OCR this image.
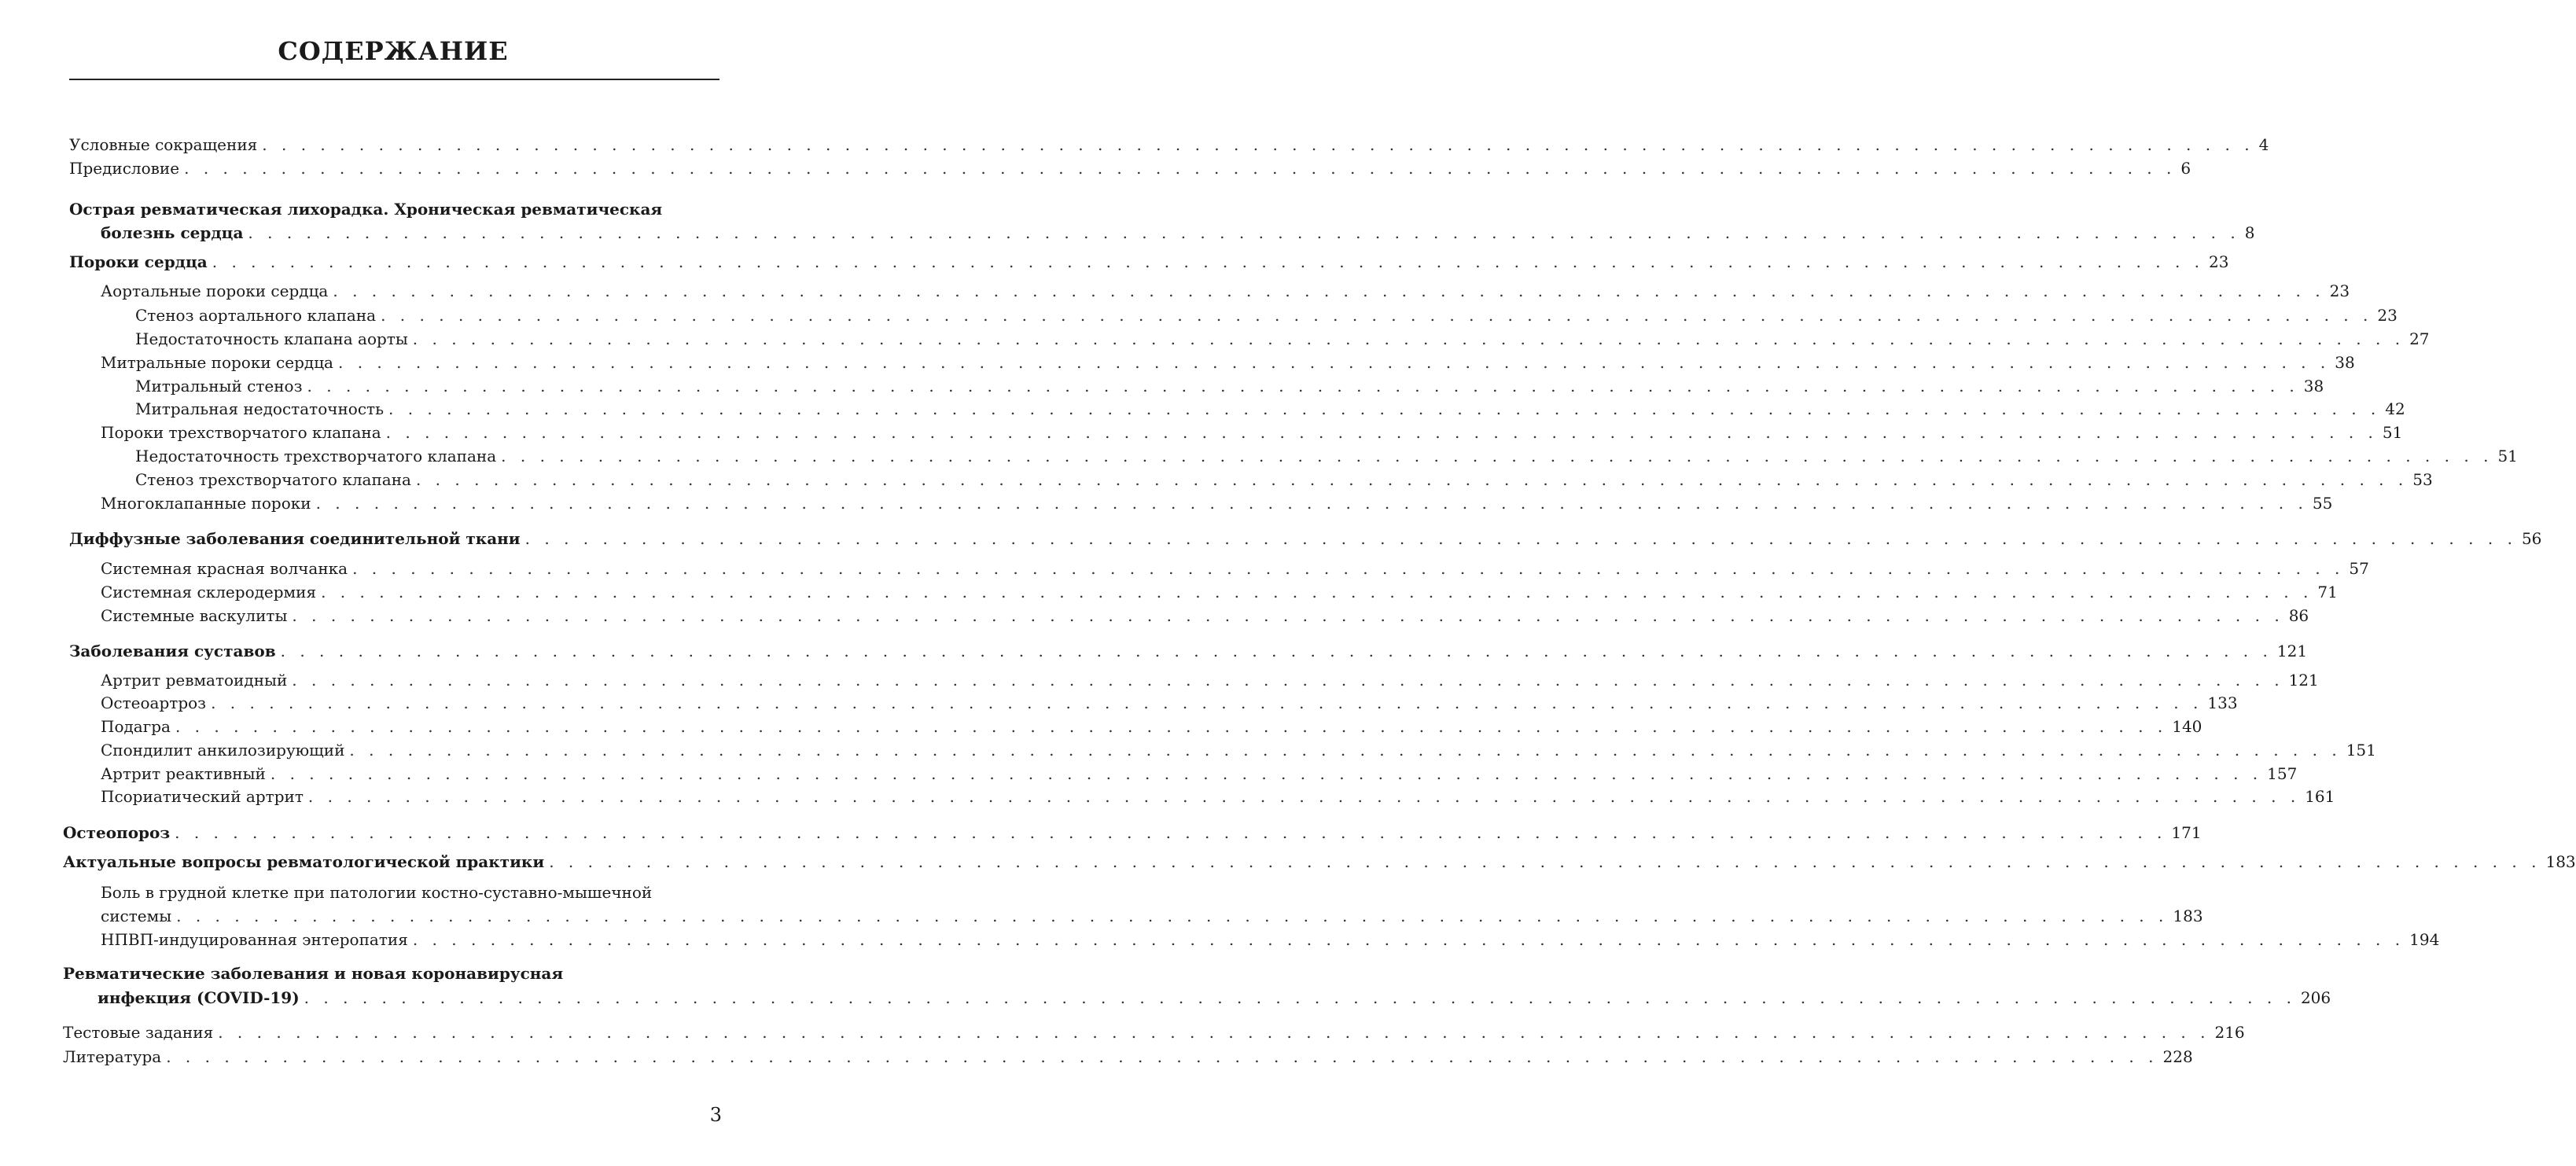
СОДЕРЖАНИЕ
Условные сокращения . . . . . . . . . . . . . . . . . . . . . . . . . . . . . . . . . . . . . . . . . . . . . . . . . . . . . . . . . . . . . . . . . . . . . . . . . . . . . . . . . . . . . . . . . . . . . . . . . . . . . . . 4
Предисловие . . . . . . . . . . . . . . . . . . . . . . . . . . . . . . . . . . . . . . . . . . . . . . . . . . . . . . . . . . . . . . . . . . . . . . . . . . . . . . . . . . . . . . . . . . . . . . . . . . . . . . . 6
Острая ревматическая лихорадка. Хроническая ревматическая
болезнь сердца . . . . . . . . . . . . . . . . . . . . . . . . . . . . . . . . . . . . . . . . . . . . . . . . . . . . . . . . . . . . . . . . . . . . . . . . . . . . . . . . . . . . . . . . . . . . . . . . . . . . . . . 8
Пороки сердца . . . . . . . . . . . . . . . . . . . . . . . . . . . . . . . . . . . . . . . . . . . . . . . . . . . . . . . . . . . . . . . . . . . . . . . . . . . . . . . . . . . . . . . . . . . . . . . . . . . . . . . 23
Аортальные пороки сердца . . . . . . . . . . . . . . . . . . . . . . . . . . . . . . . . . . . . . . . . . . . . . . . . . . . . . . . . . . . . . . . . . . . . . . . . . . . . . . . . . . . . . . . . . . . . . . . . . . . . . . . 23
Стеноз аортального клапана . . . . . . . . . . . . . . . . . . . . . . . . . . . . . . . . . . . . . . . . . . . . . . . . . . . . . . . . . . . . . . . . . . . . . . . . . . . . . . . . . . . . . . . . . . . . . . . . . . . . . . . 23
Недостаточность клапана аорты . . . . . . . . . . . . . . . . . . . . . . . . . . . . . . . . . . . . . . . . . . . . . . . . . . . . . . . . . . . . . . . . . . . . . . . . . . . . . . . . . . . . . . . . . . . . . . . . . . . . . . . 27
Митральные пороки сердца . . . . . . . . . . . . . . . . . . . . . . . . . . . . . . . . . . . . . . . . . . . . . . . . . . . . . . . . . . . . . . . . . . . . . . . . . . . . . . . . . . . . . . . . . . . . . . . . . . . . . . . 38
Митральный стеноз . . . . . . . . . . . . . . . . . . . . . . . . . . . . . . . . . . . . . . . . . . . . . . . . . . . . . . . . . . . . . . . . . . . . . . . . . . . . . . . . . . . . . . . . . . . . . . . . . . . . . . . 38
Митральная недостаточность . . . . . . . . . . . . . . . . . . . . . . . . . . . . . . . . . . . . . . . . . . . . . . . . . . . . . . . . . . . . . . . . . . . . . . . . . . . . . . . . . . . . . . . . . . . . . . . . . . . . . . . 42
Пороки трехстворчатого клапана . . . . . . . . . . . . . . . . . . . . . . . . . . . . . . . . . . . . . . . . . . . . . . . . . . . . . . . . . . . . . . . . . . . . . . . . . . . . . . . . . . . . . . . . . . . . . . . . . . . . . . . 51
Недостаточность трехстворчатого клапана . . . . . . . . . . . . . . . . . . . . . . . . . . . . . . . . . . . . . . . . . . . . . . . . . . . . . . . . . . . . . . . . . . . . . . . . . . . . . . . . . . . . . . . . . . . . . . . . . . . . . . . 51
Стеноз трехстворчатого клапана . . . . . . . . . . . . . . . . . . . . . . . . . . . . . . . . . . . . . . . . . . . . . . . . . . . . . . . . . . . . . . . . . . . . . . . . . . . . . . . . . . . . . . . . . . . . . . . . . . . . . . . 53
Многоклапанные пороки . . . . . . . . . . . . . . . . . . . . . . . . . . . . . . . . . . . . . . . . . . . . . . . . . . . . . . . . . . . . . . . . . . . . . . . . . . . . . . . . . . . . . . . . . . . . . . . . . . . . . . . 55
Диффузные заболевания соединительной ткани . . . . . . . . . . . . . . . . . . . . . . . . . . . . . . . . . . . . . . . . . . . . . . . . . . . . . . . . . . . . . . . . . . . . . . . . . . . . . . . . . . . . . . . . . . . . . . . . . . . . . . . 56
Системная красная волчанка . . . . . . . . . . . . . . . . . . . . . . . . . . . . . . . . . . . . . . . . . . . . . . . . . . . . . . . . . . . . . . . . . . . . . . . . . . . . . . . . . . . . . . . . . . . . . . . . . . . . . . . 57
Системная склеродермия . . . . . . . . . . . . . . . . . . . . . . . . . . . . . . . . . . . . . . . . . . . . . . . . . . . . . . . . . . . . . . . . . . . . . . . . . . . . . . . . . . . . . . . . . . . . . . . . . . . . . . . 71
Системные васкулиты . . . . . . . . . . . . . . . . . . . . . . . . . . . . . . . . . . . . . . . . . . . . . . . . . . . . . . . . . . . . . . . . . . . . . . . . . . . . . . . . . . . . . . . . . . . . . . . . . . . . . . . 86
Заболевания суставов . . . . . . . . . . . . . . . . . . . . . . . . . . . . . . . . . . . . . . . . . . . . . . . . . . . . . . . . . . . . . . . . . . . . . . . . . . . . . . . . . . . . . . . . . . . . . . . . . . . . . . . 121
Артрит ревматоидный . . . . . . . . . . . . . . . . . . . . . . . . . . . . . . . . . . . . . . . . . . . . . . . . . . . . . . . . . . . . . . . . . . . . . . . . . . . . . . . . . . . . . . . . . . . . . . . . . . . . . . . 121
Остеоартроз . . . . . . . . . . . . . . . . . . . . . . . . . . . . . . . . . . . . . . . . . . . . . . . . . . . . . . . . . . . . . . . . . . . . . . . . . . . . . . . . . . . . . . . . . . . . . . . . . . . . . . . 133
Подагра . . . . . . . . . . . . . . . . . . . . . . . . . . . . . . . . . . . . . . . . . . . . . . . . . . . . . . . . . . . . . . . . . . . . . . . . . . . . . . . . . . . . . . . . . . . . . . . . . . . . . . . 140
Спондилит анкилозирующий . . . . . . . . . . . . . . . . . . . . . . . . . . . . . . . . . . . . . . . . . . . . . . . . . . . . . . . . . . . . . . . . . . . . . . . . . . . . . . . . . . . . . . . . . . . . . . . . . . . . . . . 151
Артрит реактивный . . . . . . . . . . . . . . . . . . . . . . . . . . . . . . . . . . . . . . . . . . . . . . . . . . . . . . . . . . . . . . . . . . . . . . . . . . . . . . . . . . . . . . . . . . . . . . . . . . . . . . . 157
Псориатический артрит . . . . . . . . . . . . . . . . . . . . . . . . . . . . . . . . . . . . . . . . . . . . . . . . . . . . . . . . . . . . . . . . . . . . . . . . . . . . . . . . . . . . . . . . . . . . . . . . . . . . . . . 161
Остеопороз . . . . . . . . . . . . . . . . . . . . . . . . . . . . . . . . . . . . . . . . . . . . . . . . . . . . . . . . . . . . . . . . . . . . . . . . . . . . . . . . . . . . . . . . . . . . . . . . . . . . . . . 171
Актуальные вопросы ревматологической практики . . . . . . . . . . . . . . . . . . . . . . . . . . . . . . . . . . . . . . . . . . . . . . . . . . . . . . . . . . . . . . . . . . . . . . . . . . . . . . . . . . . . . . . . . . . . . . . . . . . . . . . 183
Боль в грудной клетке при патологии костно-суставно-мышечной
системы . . . . . . . . . . . . . . . . . . . . . . . . . . . . . . . . . . . . . . . . . . . . . . . . . . . . . . . . . . . . . . . . . . . . . . . . . . . . . . . . . . . . . . . . . . . . . . . . . . . . . . . 183
НПВП-индуцированная энтеропатия . . . . . . . . . . . . . . . . . . . . . . . . . . . . . . . . . . . . . . . . . . . . . . . . . . . . . . . . . . . . . . . . . . . . . . . . . . . . . . . . . . . . . . . . . . . . . . . . . . . . . . . 194
Ревматические заболевания и новая коронавирусная
инфекция (COVID-19) . . . . . . . . . . . . . . . . . . . . . . . . . . . . . . . . . . . . . . . . . . . . . . . . . . . . . . . . . . . . . . . . . . . . . . . . . . . . . . . . . . . . . . . . . . . . . . . . . . . . . . . 206
Тестовые задания . . . . . . . . . . . . . . . . . . . . . . . . . . . . . . . . . . . . . . . . . . . . . . . . . . . . . . . . . . . . . . . . . . . . . . . . . . . . . . . . . . . . . . . . . . . . . . . . . . . . . . . 216
Литература . . . . . . . . . . . . . . . . . . . . . . . . . . . . . . . . . . . . . . . . . . . . . . . . . . . . . . . . . . . . . . . . . . . . . . . . . . . . . . . . . . . . . . . . . . . . . . . . . . . . . . . 228
3
